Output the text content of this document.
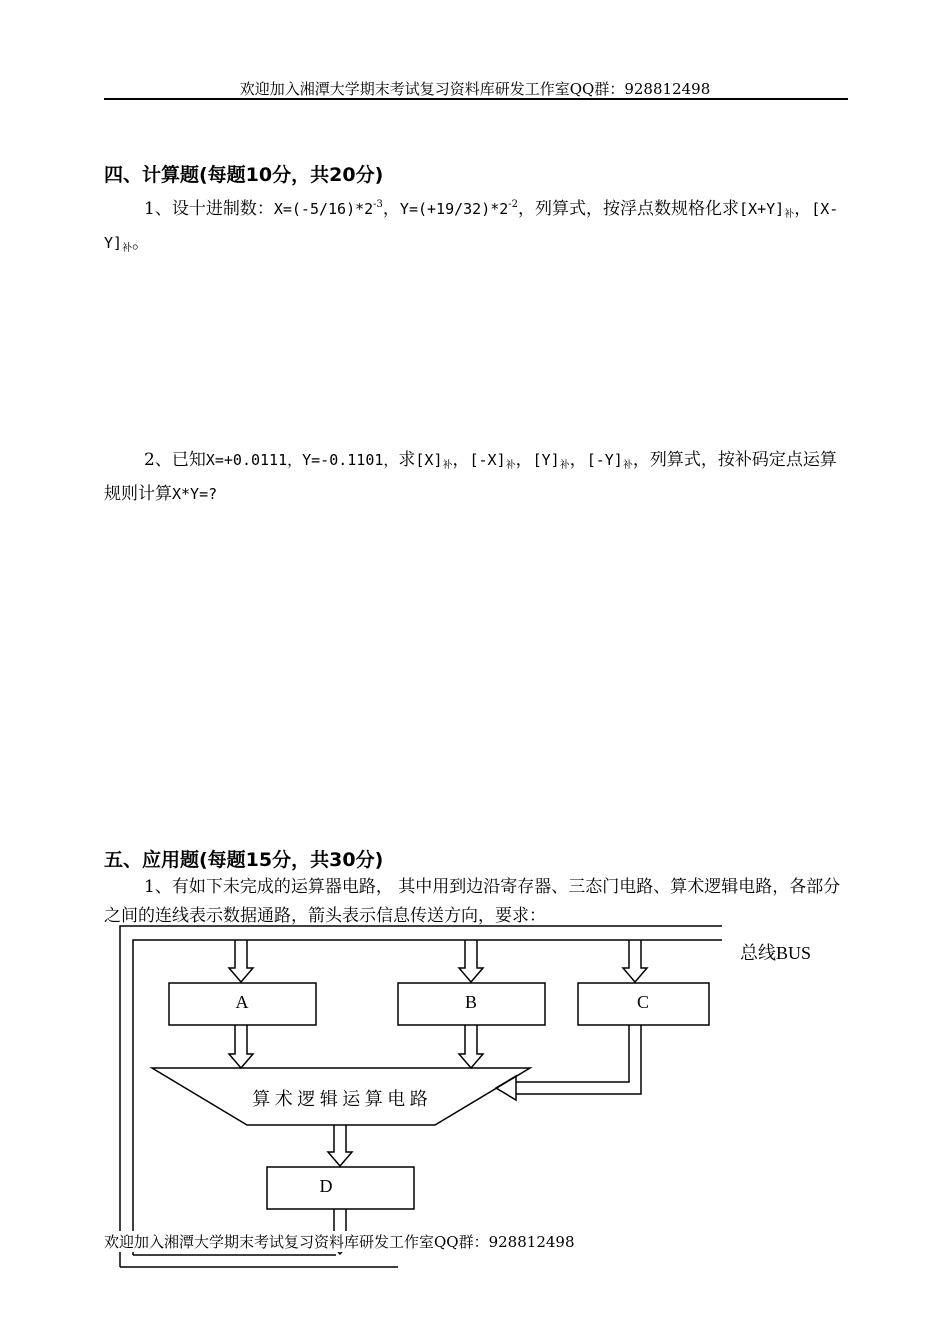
欢迎加入湘潭大学期末考试复习资料库研发工作室QQ群：928812498
四、计算题(每题10分，共20分)
1、设十进制数：$X=(-5/16)*2^{-3}$，$Y=(+19/32)*2^{-2}$，列算式，按浮点数规格化求$[X+Y]_补$，$[X-Y]_补$。
2、已知X=+0.0111，Y=-0.1101，求$[X]_补$，$[-X]_补$，$[Y]_补$，$[-Y]_补$，列算式，按补码定点运算规则计算X*Y=?
五、应用题(每题15分，共30分)
1、有如下未完成的运算器电路， 其中用到边沿寄存器、三态门电路、算术逻辑电路，各部分之间的连线表示数据通路，箭头表示信息传送方向，要求：
总线BUS
A	B	C
算 术 逻 辑 运 算 电 路
D
欢迎加入湘潭大学期末考试复习资料库研发工作室QQ群：928812498
